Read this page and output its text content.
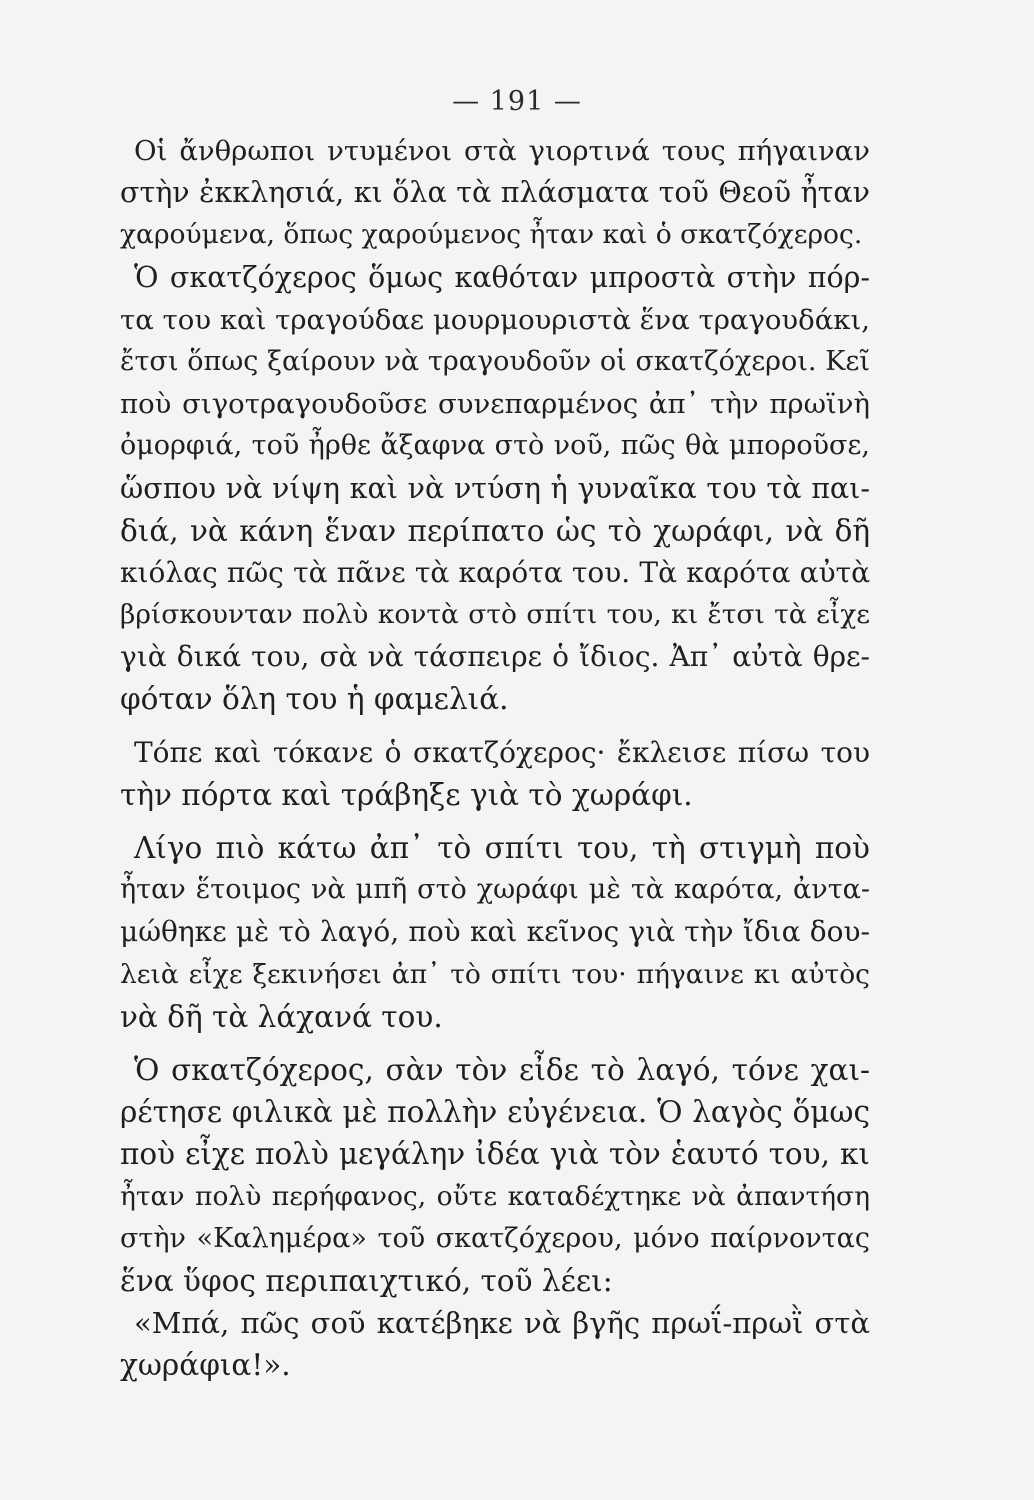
— 191 —
Οἱ ἄνθρωποι ντυμένοι στὰ γιορτινά τους πήγαιναν
στὴν ἐκκλησιά, κι ὅλα τὰ πλάσματα τοῦ Θεοῦ ἦταν
χαρούμενα, ὅπως χαρούμενος ἦταν καὶ ὁ σκατζόχερος.
Ὁ σκατζόχερος ὅμως καθόταν μπροστὰ στὴν πόρ-
τα του καὶ τραγούδαε μουρμουριστὰ ἕνα τραγουδάκι,
ἔτσι ὅπως ξαίρουν νὰ τραγουδοῦν οἱ σκατζόχεροι. Κεῖ
ποὺ σιγοτραγουδοῦσε συνεπαρμένος ἀπ᾽ τὴν πρωϊνὴ
ὀμορφιά, τοῦ ἦρθε ἄξαφνα στὸ νοῦ, πῶς θὰ μποροῦσε,
ὥσπου νὰ νίψη καὶ νὰ ντύση ἡ γυναῖκα του τὰ παι-
διά, νὰ κάνη ἕναν περίπατο ὡς τὸ χωράφι, νὰ δῆ
κιόλας πῶς τὰ πᾶνε τὰ καρότα του. Τὰ καρότα αὐτὰ
βρίσκουνταν πολὺ κοντὰ στὸ σπίτι του, κι ἔτσι τὰ εἶχε
γιὰ δικά του, σὰ νὰ τάσπειρε ὁ ἴδιος. Ἀπ᾽ αὐτὰ θρε-
φόταν ὅλη του ἡ φαμελιά.
Τόπε καὶ τόκανε ὁ σκατζόχερος· ἔκλεισε πίσω του
τὴν πόρτα καὶ τράβηξε γιὰ τὸ χωράφι.
Λίγο πιὸ κάτω ἀπ᾽ τὸ σπίτι του, τὴ στιγμὴ ποὺ
ἦταν ἕτοιμος νὰ μπῆ στὸ χωράφι μὲ τὰ καρότα, ἀντα-
μώθηκε μὲ τὸ λαγό, ποὺ καὶ κεῖνος γιὰ τὴν ἴδια δου-
λειὰ εἶχε ξεκινήσει ἀπ᾽ τὸ σπίτι του· πήγαινε κι αὐτὸς
νὰ δῆ τὰ λάχανά του.
Ὁ σκατζόχερος, σὰν τὸν εἶδε τὸ λαγό, τόνε χαι-
ρέτησε φιλικὰ μὲ πολλὴν εὐγένεια. Ὁ λαγὸς ὅμως
ποὺ εἶχε πολὺ μεγάλην ἰδέα γιὰ τὸν ἑαυτό του, κι
ἦταν πολὺ περήφανος, οὔτε καταδέχτηκε νὰ ἀπαντήση
στὴν «Καλημέρα» τοῦ σκατζόχερου, μόνο παίρνοντας
ἕνα ὕφος περιπαιχτικό, τοῦ λέει:
«Μπά, πῶς σοῦ κατέβηκε νὰ βγῆς πρωΐ-πρωῒ στὰ
χωράφια!».
